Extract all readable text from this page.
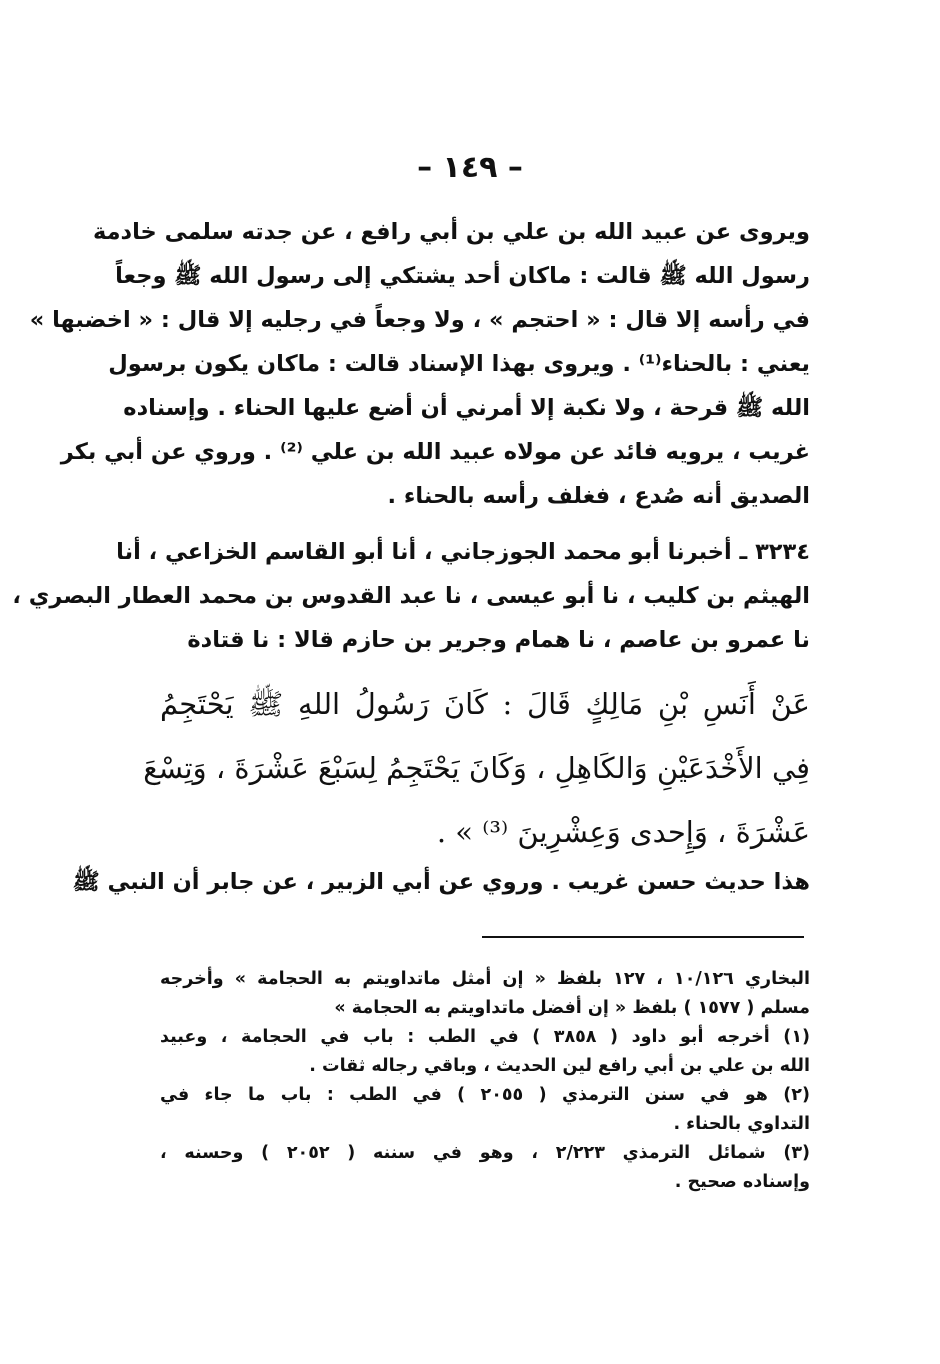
– ١٤٩ –
ويروى عن عبيد الله بن علي بن أبي رافع ، عن جدته سلمى خادمة
رسول الله ﷺ قالت : ماكان أحد يشتكي إلى رسول الله ﷺ وجعاً
في رأسه إلا قال : « احتجم » ، ولا وجعاً في رجليه إلا قال : « اخضبها »
يعني : بالحناء⁽¹⁾ . ويروى بهذا الإسناد قالت : ماكان يكون برسول
الله ﷺ قرحة ، ولا نكبة إلا أمرني أن أضع عليها الحناء . وإسناده
غريب ، يرويه فائد عن مولاه عبيد الله بن علي ⁽²⁾ . وروي عن أبي بكر
الصديق أنه صُدع ، فغلف رأسه بالحناء .
٣٢٣٤ ـ أخبرنا أبو محمد الجوزجاني ، أنا أبو القاسم الخزاعي ، أنا
الهيثم بن كليب ، نا أبو عيسى ، نا عبد القدوس بن محمد العطار البصري ،
نا عمرو بن عاصم ، نا همام وجرير بن حازم قالا : نا قتادة
عَنْ أَنَسِ بْنِ مَالِكٍ قَالَ : كَانَ رَسُولُ اللهِ ﷺ يَحْتَجِمُ
فِي الأَخْدَعَيْنِ وَالكَاهِلِ ، وَكَانَ يَحْتَجِمُ لِسَبْعَ عَشْرَةَ ، وَتِسْعَ
عَشْرَةَ ، وَإِحدى وَعِشْرِينَ ⁽³⁾ » .
هذا حديث حسن غريب . وروي عن أبي الزبير ، عن جابر أن النبي ﷺ
البخاري ١٠/١٢٦ ، ١٢٧ بلفظ « إن أمثل ماتداويتم به الحجامة » وأخرجه
مسلم ( ١٥٧٧ ) بلفظ « إن أفضل ماتداويتم به الحجامة »
(١) أخرجه أبو داود ( ٣٨٥٨ ) في الطب : باب في الحجامة ، وعبيد
الله بن علي بن أبي رافع لين الحديث ، وباقي رجاله ثقات .
(٢) هو في سنن الترمذي ( ٢٠٥٥ ) في الطب : باب ما جاء في
التداوي بالحناء .
(٣) شمائل الترمذي ٢/٢٢٣ ، وهو في سننه ( ٢٠٥٢ ) وحسنه ،
وإسناده صحيح .
